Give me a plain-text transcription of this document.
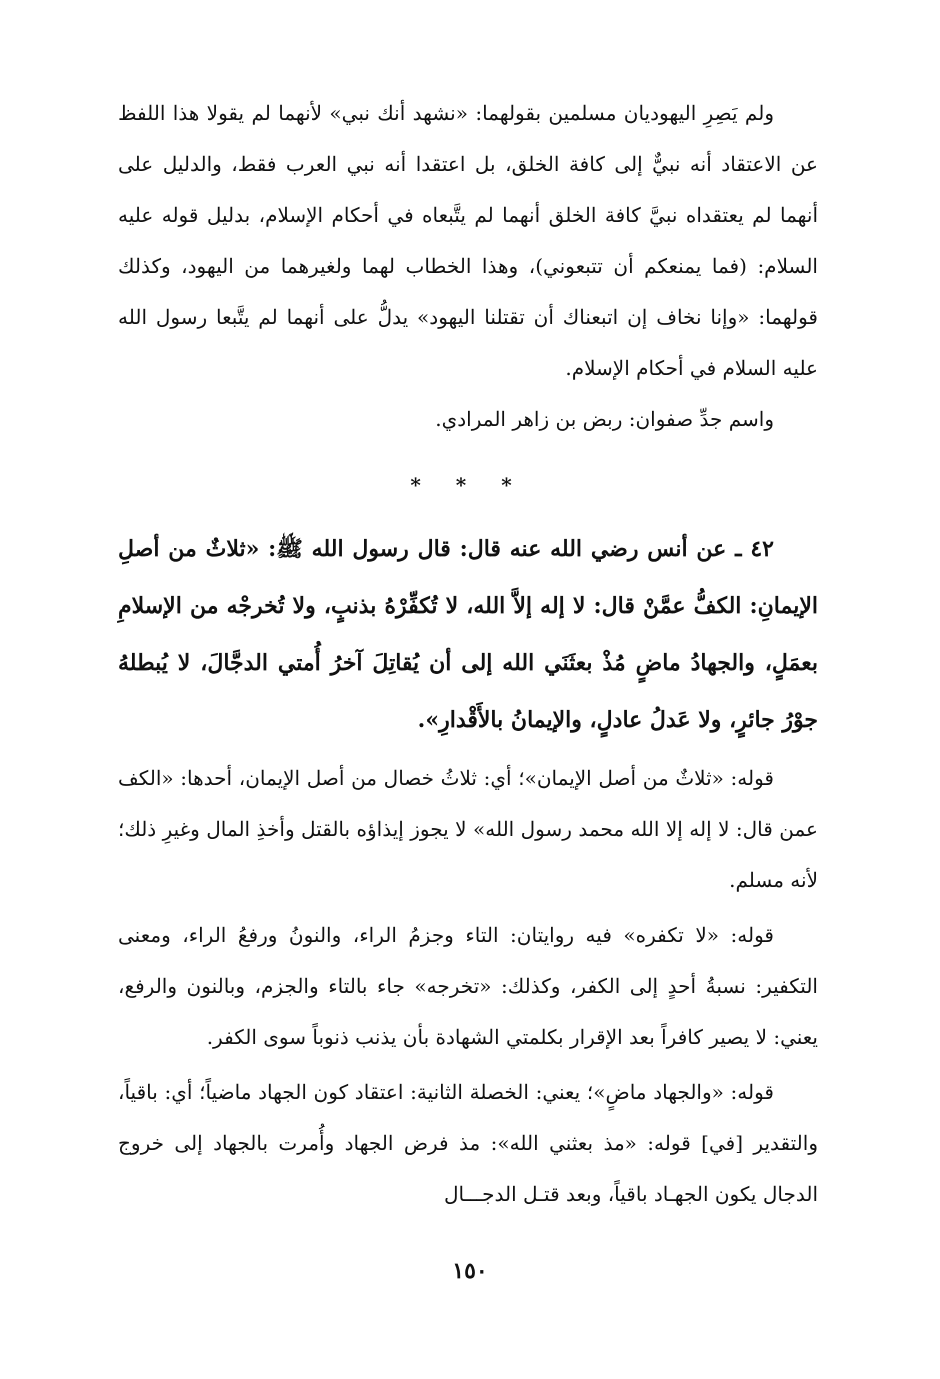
ولم يَصِرِ اليهوديان مسلمين بقولهما: «نشهد أنك نبي» لأنهما لم يقولا هذا اللفظ عن الاعتقاد أنه نبيٌّ إلى كافة الخلق، بل اعتقدا أنه نبي العرب فقط، والدليل على أنهما لم يعتقداه نبيَّ كافة الخلق أنهما لم يتَّبعاه في أحكام الإسلام، بدليل قوله عليه السلام: (فما يمنعكم أن تتبعوني)، وهذا الخطاب لهما ولغيرهما من اليهود، وكذلك قولهما: «وإنا نخاف إن اتبعناك أن تقتلنا اليهود» يدلُّ على أنهما لم يتَّبعا رسول الله عليه السلام في أحكام الإسلام.

واسم جدِّ صفوان: ربض بن زاهر المرادي.

* * *

٤٢ ـ عن أنس رضي الله عنه قال: قال رسول الله ﷺ: «ثلاثٌ من أصلِ الإيمانِ: الكفُّ عمَّنْ قال: لا إله إلاَّ الله، لا تُكفِّرْهُ بذنبٍ، ولا تُخرجْه من الإسلامِ بعمَلٍ، والجهادُ ماضٍ مُذْ بعثَنَي الله إلى أن يُقاتِلَ آخرُ أُمتي الدجَّالَ، لا يُبطلهُ جوْرُ جائرٍ، ولا عَدلُ عادلٍ، والإيمانُ بالأَقْدارِ».

قوله: «ثلاثٌ من أصل الإيمان»؛ أي: ثلاثُ خصال من أصل الإيمان، أحدها: «الكف عمن قال: لا إله إلا الله محمد رسول الله» لا يجوز إيذاؤه بالقتل وأخذِ المال وغيرِ ذلك؛ لأنه مسلم.

قوله: «لا تكفره» فيه روايتان: التاء وجزمُ الراء، والنونُ ورفعُ الراء، ومعنى التكفير: نسبةُ أحدٍ إلى الكفر، وكذلك: «تخرجه» جاء بالتاء والجزم، وبالنون والرفع، يعني: لا يصير كافراً بعد الإقرار بكلمتي الشهادة بأن يذنب ذنوباً سوى الكفر.

قوله: «والجهاد ماضٍ»؛ يعني: الخصلة الثانية: اعتقاد كون الجهاد ماضياً؛ أي: باقياً، والتقدير [في] قوله: «مذ بعثني الله»: مذ فرض الجهاد وأُمرت بالجهاد إلى خروج الدجال يكون الجهـاد باقياً، وبعد قتـل الدجـــال

١٥٠
